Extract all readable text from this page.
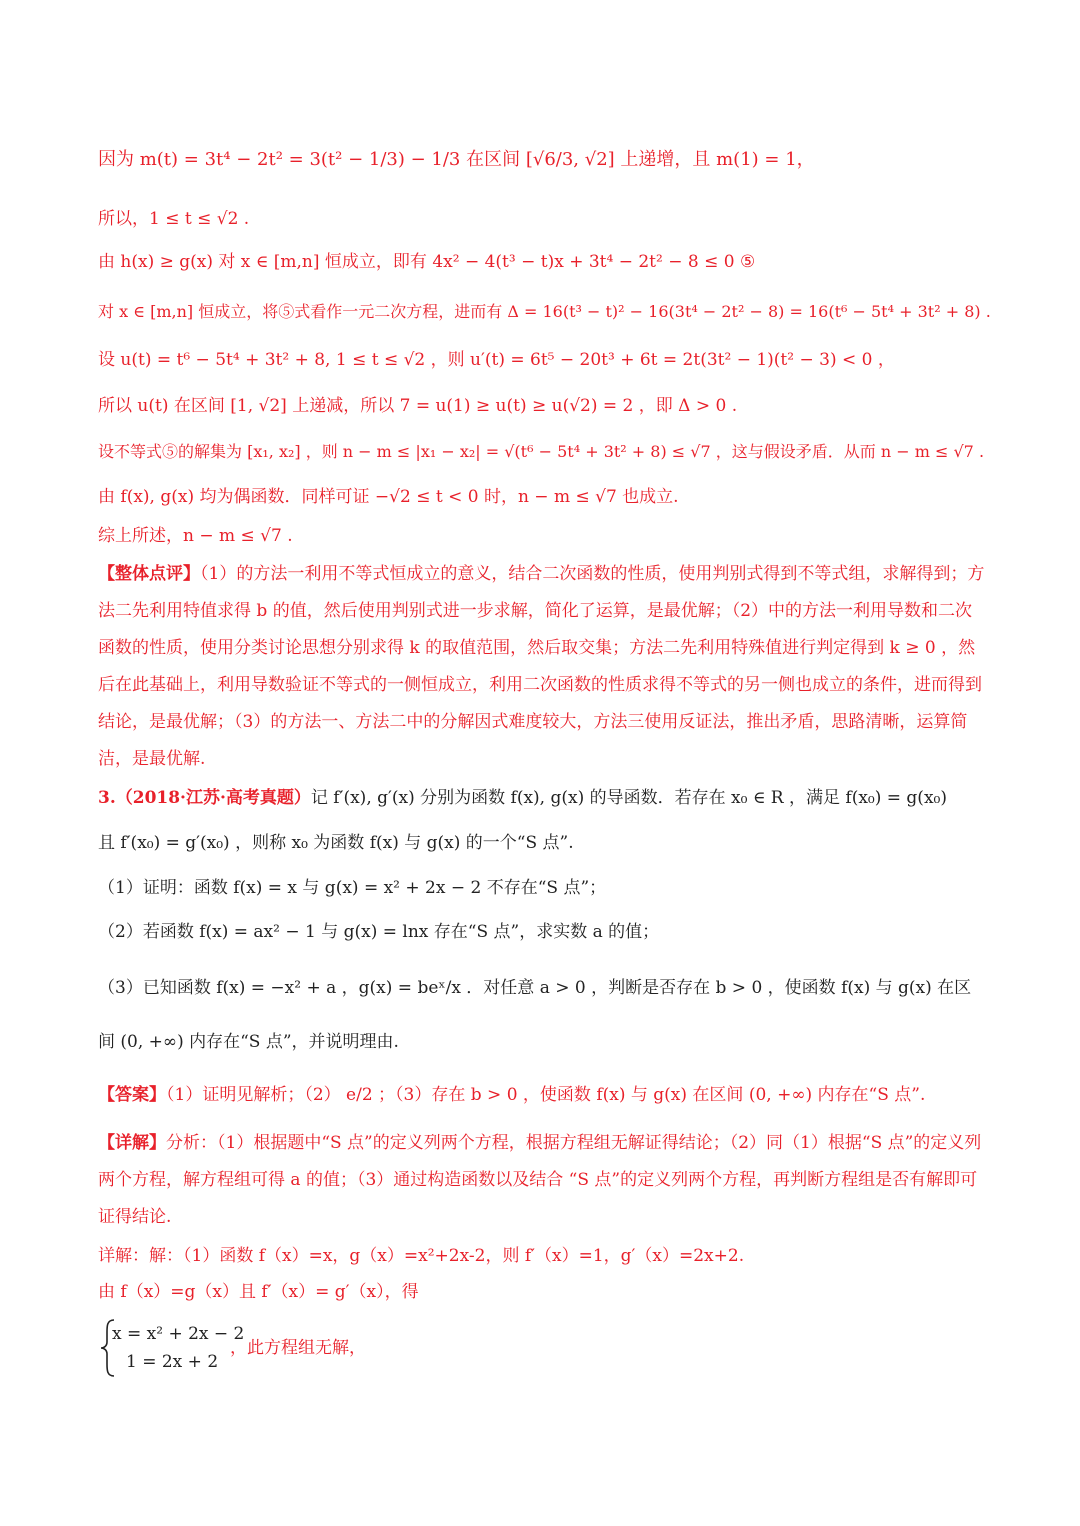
因为 m(t) = 3t⁴ − 2t² = 3(t² − 1/3) − 1/3 在区间 [√6/3, √2] 上递增，且 m(1) = 1，
所以，1 ≤ t ≤ √2 .
由 h(x) ≥ g(x) 对 x ∈ [m,n] 恒成立，即有 4x² − 4(t³ − t)x + 3t⁴ − 2t² − 8 ≤ 0 ⑤
对 x ∈ [m,n] 恒成立，将⑤式看作一元二次方程，进而有 Δ = 16(t³ − t)² − 16(3t⁴ − 2t² − 8) = 16(t⁶ − 5t⁴ + 3t² + 8) .
设 u(t) = t⁶ − 5t⁴ + 3t² + 8, 1 ≤ t ≤ √2 ，则 u′(t) = 6t⁵ − 20t³ + 6t = 2t(3t² − 1)(t² − 3) < 0 ，
所以 u(t) 在区间 [1, √2] 上递减，所以 7 = u(1) ≥ u(t) ≥ u(√2) = 2 ，即 Δ > 0 .
设不等式⑤的解集为 [x₁, x₂] ，则 n − m ≤ |x₁ − x₂| = √(t⁶ − 5t⁴ + 3t² + 8) ≤ √7 ，这与假设矛盾．从而 n − m ≤ √7 .
由 f(x), g(x) 均为偶函数．同样可证 −√2 ≤ t < 0 时，n − m ≤ √7 也成立.
综上所述，n − m ≤ √7 .

【整体点评】（1）的方法一利用不等式恒成立的意义，结合二次函数的性质，使用判别式得到不等式组，求解得到；方法二先利用特值求得 b 的值，然后使用判别式进一步求解，简化了运算，是最优解；（2）中的方法一利用导数和二次函数的性质，使用分类讨论思想分别求得 k 的取值范围，然后取交集；方法二先利用特殊值进行判定得到 k ≥ 0 ，然后在此基础上，利用导数验证不等式的一侧恒成立，利用二次函数的性质求得不等式的另一侧也成立的条件，进而得到结论，是最优解；（3）的方法一、方法二中的分解因式难度较大，方法三使用反证法，推出矛盾，思路清晰，运算简洁，是最优解.

3.（2018·江苏·高考真题）记 f′(x), g′(x) 分别为函数 f(x), g(x) 的导函数．若存在 x₀ ∈ R ，满足 f(x₀) = g(x₀)
且 f′(x₀) = g′(x₀) ，则称 x₀ 为函数 f(x) 与 g(x) 的一个“S 点”.
（1）证明：函数 f(x) = x 与 g(x) = x² + 2x − 2 不存在“S 点”；
（2）若函数 f(x) = ax² − 1 与 g(x) = lnx 存在“S 点”，求实数 a 的值；
（3）已知函数 f(x) = −x² + a ，g(x) = beˣ/x ．对任意 a > 0 ，判断是否存在 b > 0 ，使函数 f(x) 与 g(x) 在区
间 (0, +∞) 内存在“S 点”，并说明理由.
【答案】（1）证明见解析；（2） e/2 ；（3）存在 b > 0 ，使函数 f(x) 与 g(x) 在区间 (0, +∞) 内存在“S 点”.

【详解】分析：（1）根据题中“S 点”的定义列两个方程，根据方程组无解证得结论；（2）同（1）根据“S 点”的定义列两个方程，解方程组可得 a 的值；（3）通过构造函数以及结合 “S 点”的定义列两个方程，再判断方程组是否有解即可证得结论.

详解：解：（1）函数 f（x）=x，g（x）=x²+2x-2，则 f′（x）=1，g′（x）=2x+2.
由 f（x）=g（x）且 f′（x）= g′（x），得
x = x² + 2x − 2
1 = 2x + 2
，此方程组无解，
